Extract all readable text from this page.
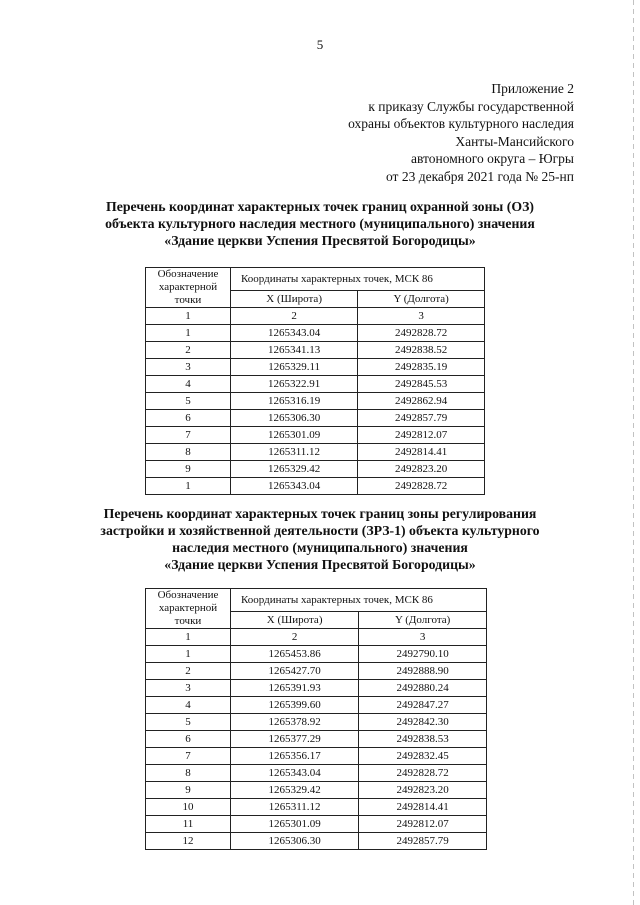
5
Приложение 2
к приказу Службы государственной
охраны объектов культурного наследия
Ханты-Мансийского
автономного округа – Югры
от 23 декабря 2021 года № 25-нп
Перечень координат характерных точек границ охранной зоны (ОЗ)
объекта культурного наследия местного (муниципального) значения
«Здание церкви Успения Пресвятой Богородицы»
Обозначение характерной точки	Координаты характерных точек, МСК 86	
	X (Широта)	Y (Долгота)
1	2	3
1	1265343.04	2492828.72
2	1265341.13	2492838.52
3	1265329.11	2492835.19
4	1265322.91	2492845.53
5	1265316.19	2492862.94
6	1265306.30	2492857.79
7	1265301.09	2492812.07
8	1265311.12	2492814.41
9	1265329.42	2492823.20
1	1265343.04	2492828.72
Перечень координат характерных точек границ зоны регулирования
застройки и хозяйственной деятельности (ЗРЗ-1) объекта культурного
наследия местного (муниципального) значения
«Здание церкви Успения Пресвятой Богородицы»
Обозначение характерной точки	Координаты характерных точек, МСК 86	
	X (Широта)	Y (Долгота)
1	2	3
1	1265453.86	2492790.10
2	1265427.70	2492888.90
3	1265391.93	2492880.24
4	1265399.60	2492847.27
5	1265378.92	2492842.30
6	1265377.29	2492838.53
7	1265356.17	2492832.45
8	1265343.04	2492828.72
9	1265329.42	2492823.20
10	1265311.12	2492814.41
11	1265301.09	2492812.07
12	1265306.30	2492857.79
